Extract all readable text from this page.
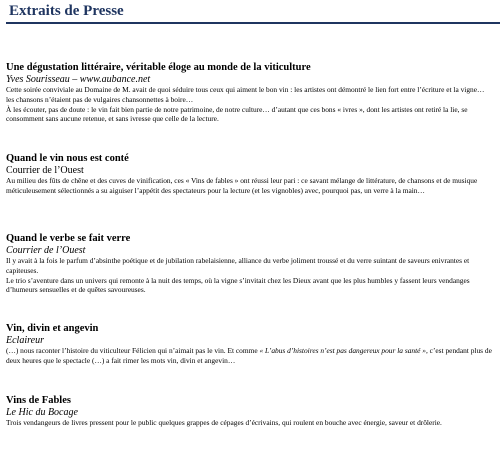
Extraits de Presse
Une dégustation littéraire, véritable éloge au monde de la viticulture
Yves Sourisseau – www.aubance.net

Cette soirée conviviale au Domaine de M. avait de quoi séduire tous ceux qui aiment le bon vin : les artistes ont démontré le lien fort entre l’écriture et la vigne… les chansons n’étaient pas de vulgaires chansonnettes à boire…

À les écouter, pas de doute : le vin fait bien partie de notre patrimoine, de notre culture… d’autant que ces bons « ivres », dont les artistes ont retiré la lie, se consomment sans aucune retenue, et sans ivresse que celle de la lecture.

Quand le vin nous est conté
Courrier de l’Ouest

Au milieu des fûts de chêne et des cuves de vinification, ces « Vins de fables » ont réussi leur pari : ce savant mélange de littérature, de chansons et de musique méticuleusement sélectionnés a su aiguiser l’appétit des spectateurs pour la lecture (et les vignobles) avec, pourquoi pas, un verre à la main…

Quand le verbe se fait verre
Courrier de l’Ouest

Il y avait à la fois le parfum d’absinthe poétique et de jubilation rabelaisienne, alliance du verbe joliment troussé et du verre suintant de saveurs enivrantes et capiteuses.

Le trio s’aventure dans un univers qui remonte à la nuit des temps, où la vigne s’invitait chez les Dieux avant que les plus humbles y fassent leurs vendanges d’humeurs sensuelles et de quêtes savoureuses.

Vin, divin et angevin
Eclaireur

(…) nous raconter l’histoire du viticulteur Félicien qui n’aimait pas le vin. Et comme « L’abus d’histoires n’est pas dangereux pour la santé », c’est pendant plus de deux heures que le spectacle (…) a fait rimer les mots vin, divin et angevin…

Vins de Fables
Le Hic du Bocage

Trois vendangeurs de livres pressent pour le public quelques grappes de cépages d’écrivains, qui roulent en bouche avec énergie, saveur et drôlerie.
